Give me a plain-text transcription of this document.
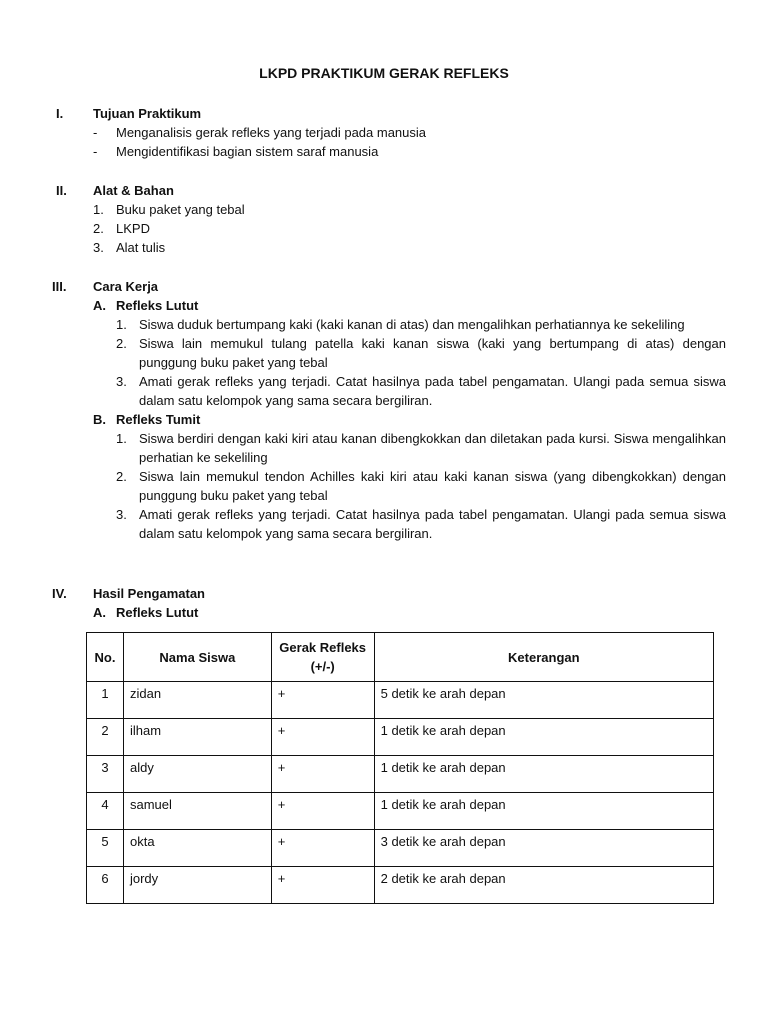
LKPD PRAKTIKUM GERAK REFLEKS
I.	Tujuan Praktikum
-	Menganalisis gerak refleks yang terjadi pada manusia
-	Mengidentifikasi bagian sistem saraf manusia
II.	Alat & Bahan
1. Buku paket yang tebal
2. LKPD
3. Alat tulis
III.	Cara Kerja
A. Refleks Lutut
1. Siswa duduk bertumpang kaki (kaki kanan di atas) dan mengalihkan perhatiannya ke sekeliling
2. Siswa lain memukul tulang patella kaki kanan siswa (kaki yang bertumpang di atas) dengan punggung buku paket yang tebal
3. Amati gerak refleks yang terjadi. Catat hasilnya pada tabel pengamatan. Ulangi pada semua siswa dalam satu kelompok yang sama secara bergiliran.
B. Refleks Tumit
1. Siswa berdiri dengan kaki kiri atau kanan dibengkokkan dan diletakan pada kursi. Siswa mengalihkan perhatian ke sekeliling
2. Siswa lain memukul tendon Achilles kaki kiri atau kaki kanan siswa (yang dibengkokkan) dengan punggung buku paket yang tebal
3. Amati gerak refleks yang terjadi. Catat hasilnya pada tabel pengamatan. Ulangi pada semua siswa dalam satu kelompok yang sama secara bergiliran.
IV.	Hasil Pengamatan
A. Refleks Lutut
No.	Nama Siswa	Gerak Refleks (+/-)	Keterangan
1	zidan	+	5 detik ke arah depan
2	ilham	+	1 detik ke arah depan
3	aldy	+	1 detik ke arah depan
4	samuel	+	1 detik ke arah depan
5	okta	+	3 detik ke arah depan
6	jordy	+	2 detik ke arah depan
